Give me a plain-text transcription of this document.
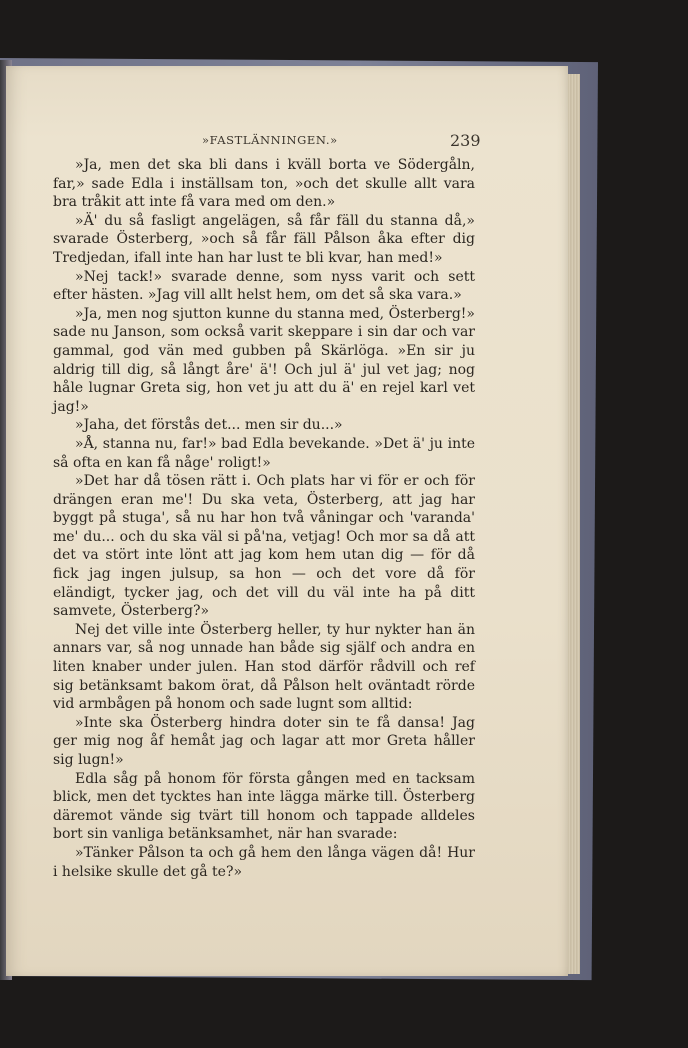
»FASTLÄNNINGEN.»	239

»Ja, men det ska bli dans i kväll borta ve Södergåln, far,» sade Edla i inställsam ton, »och det skulle allt vara bra tråkit att inte få vara med om den.»

»Ä' du så fasligt angelägen, så får fäll du stanna då,» svarade Österberg, »och så får fäll Pålson åka efter dig Tredjedan, ifall inte han har lust te bli kvar, han med!»

»Nej tack!» svarade denne, som nyss varit och sett efter hästen. »Jag vill allt helst hem, om det så ska vara.»

»Ja, men nog sjutton kunne du stanna med, Österberg!» sade nu Janson, som också varit skeppare i sin dar och var gammal, god vän med gubben på Skärlöga. »En sir ju aldrig till dig, så långt åre' ä'! Och jul ä' jul vet jag; nog håle lugnar Greta sig, hon vet ju att du ä' en rejel karl vet jag!»

»Jaha, det förstås det... men sir du...»

»Å, stanna nu, far!» bad Edla bevekande. »Det ä' ju inte så ofta en kan få någe' roligt!»

»Det har då tösen rätt i. Och plats har vi för er och för drängen eran me'! Du ska veta, Österberg, att jag har byggt på stuga', så nu har hon två våningar och 'varanda' me' du... och du ska väl si på'na, vetjag! Och mor sa då att det va stört inte lönt att jag kom hem utan dig — för då fick jag ingen julsup, sa hon — och det vore då för eländigt, tycker jag, och det vill du väl inte ha på ditt samvete, Österberg?»

Nej det ville inte Österberg heller, ty hur nykter han än annars var, så nog unnade han både sig själf och andra en liten knaber under julen. Han stod därför rådvill och ref sig betänksamt bakom örat, då Pålson helt oväntadt rörde vid armbågen på honom och sade lugnt som alltid:

»Inte ska Österberg hindra doter sin te få dansa! Jag ger mig nog åf hemåt jag och lagar att mor Greta håller sig lugn!»

Edla såg på honom för första gången med en tacksam blick, men det tycktes han inte lägga märke till. Österberg däremot vände sig tvärt till honom och tappade alldeles bort sin vanliga betänksamhet, när han svarade:

»Tänker Pålson ta och gå hem den långa vägen då! Hur i helsike skulle det gå te?»
